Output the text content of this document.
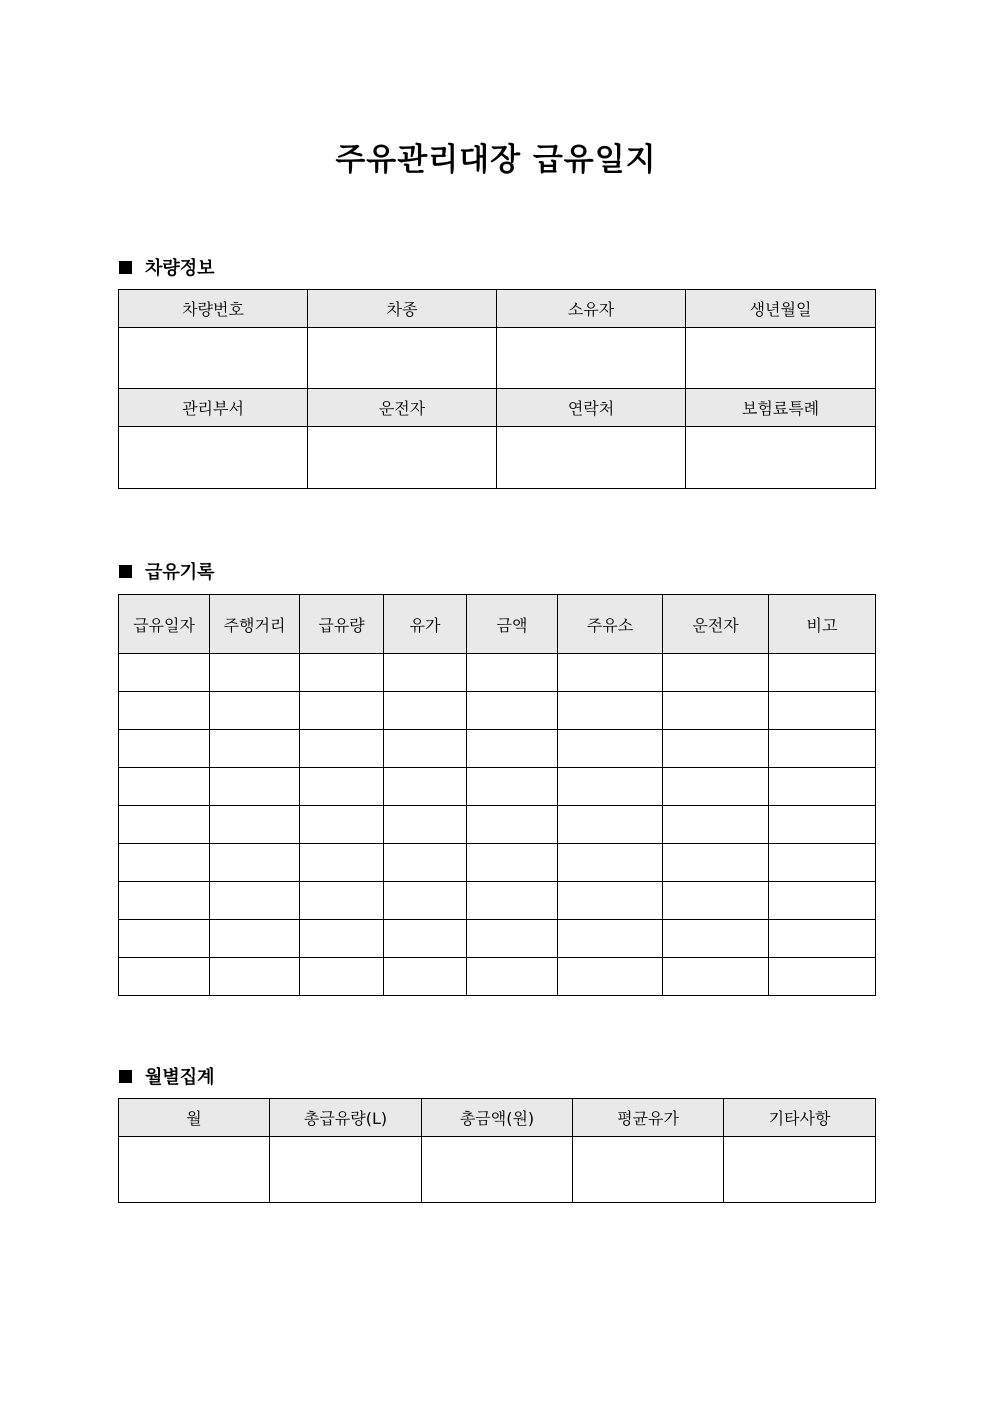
주유관리대장 급유일지
차량정보
차량번호	차종	소유자	생년월일

관리부서	운전자	연락처	보험료특례

급유기록
급유일자	주행거리	급유량	유가	금액	주유소	운전자	비고

월별집계
월	총급유량(L)	총금액(원)	평균유가	기타사항
